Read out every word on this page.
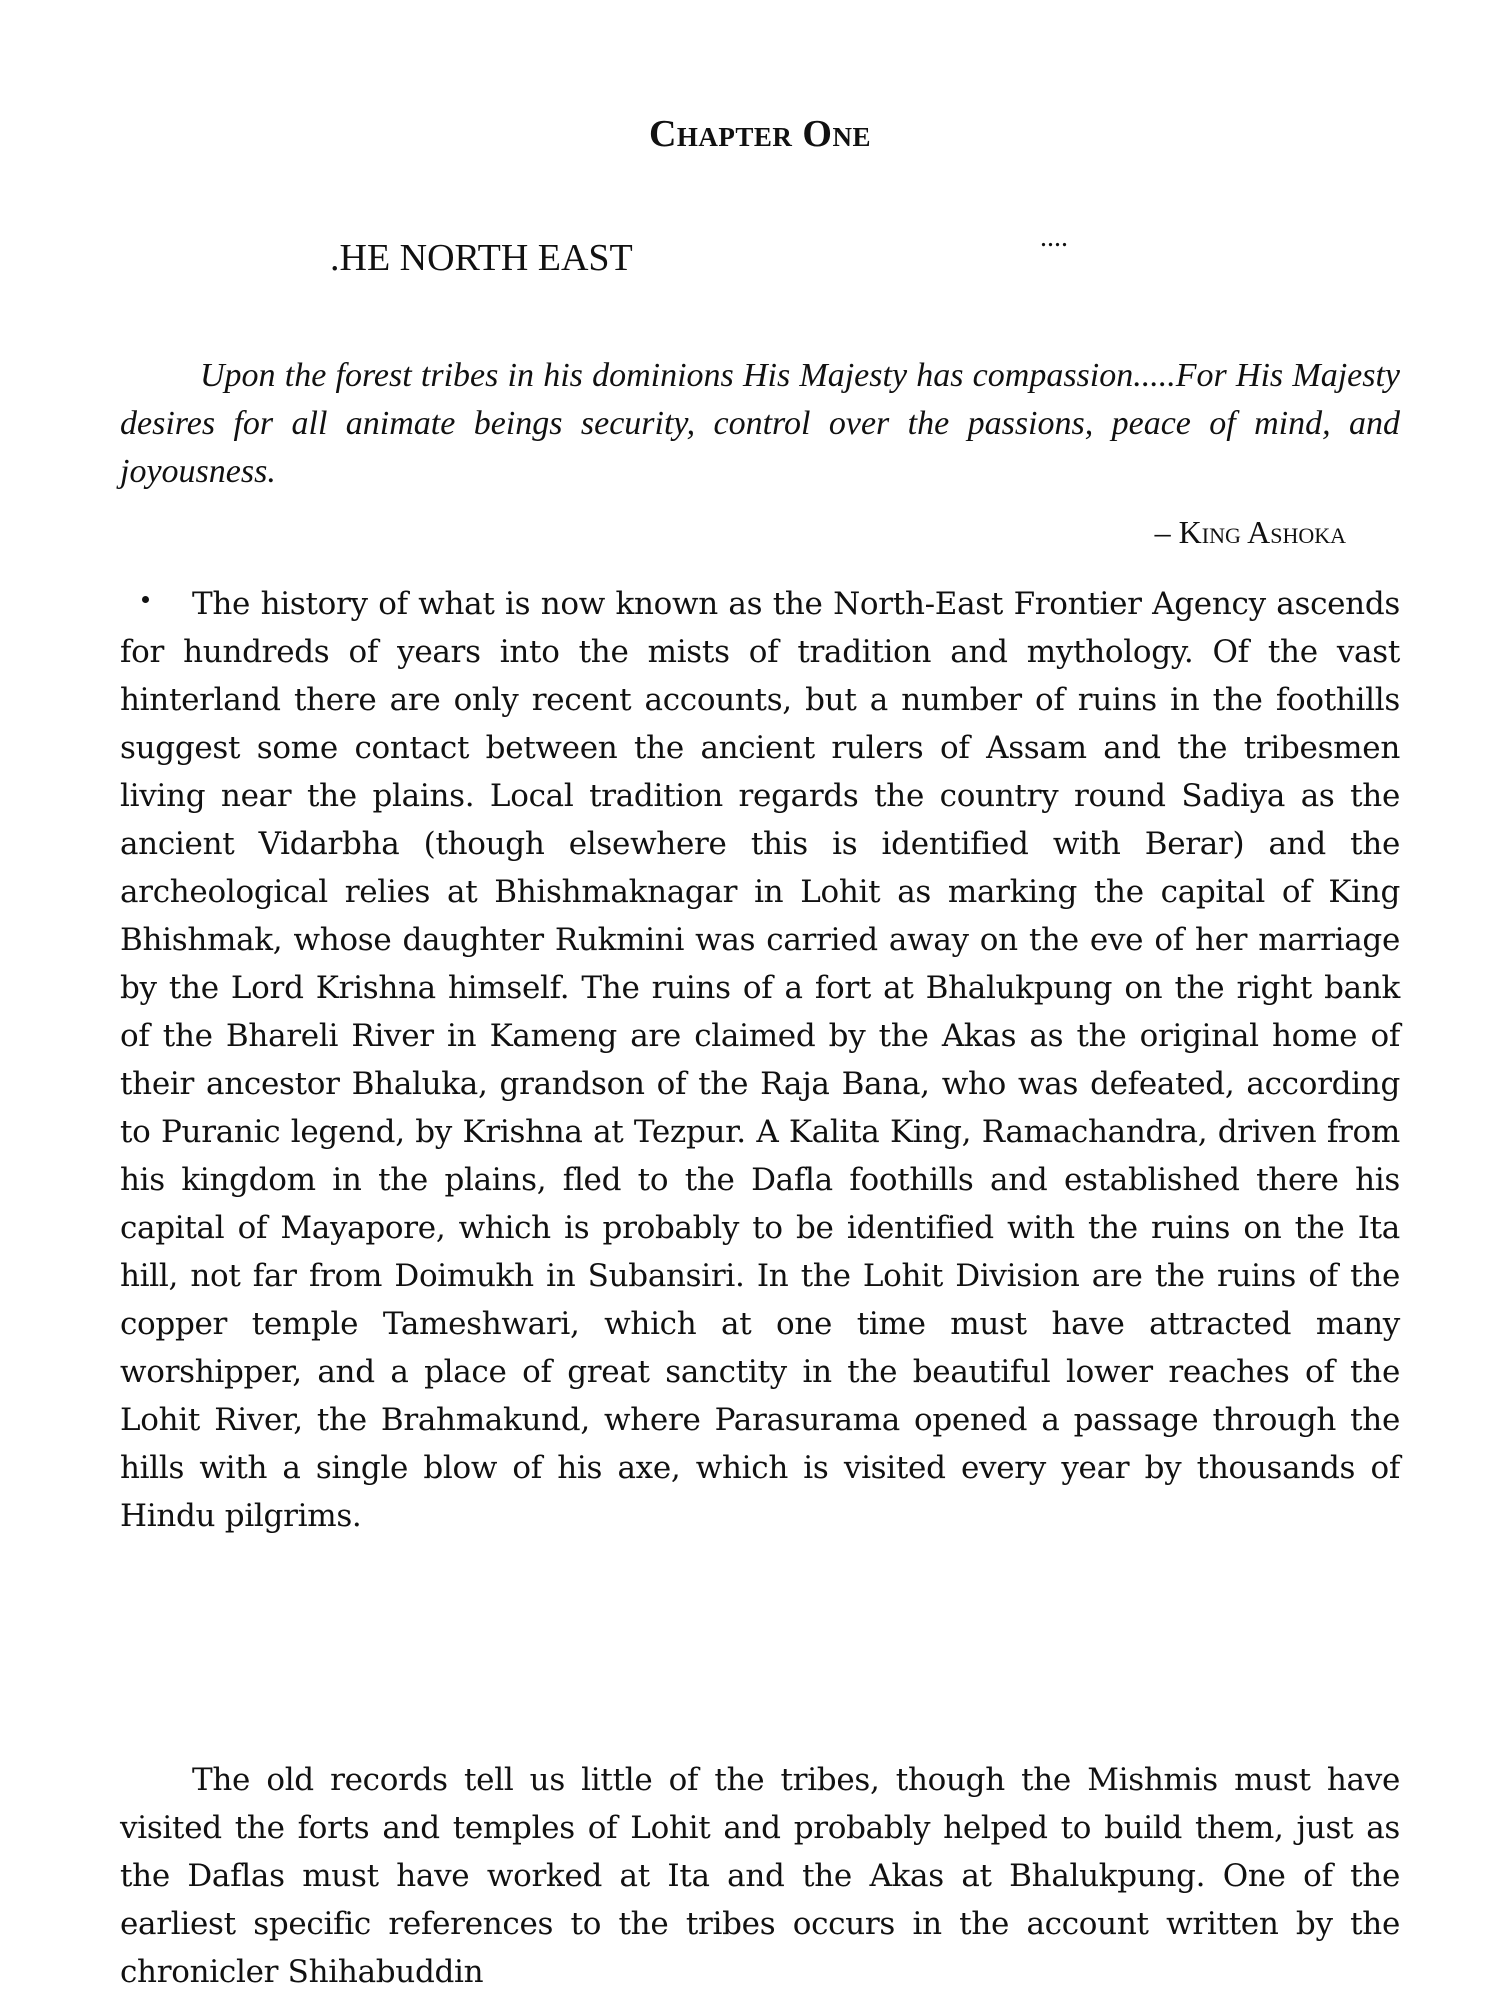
Chapter One
.HE NORTH EAST	....

Upon the forest tribes in his dominions His Majesty has compassion.....For His Majesty desires for all animate beings security, control over the passions, peace of mind, and joyousness.

– King Ashoka

The history of what is now known as the North-East Frontier Agency ascends for hundreds of years into the mists of tradition and mythology. Of the vast hinterland there are only recent accounts, but a number of ruins in the foothills suggest some contact between the ancient rulers of Assam and the tribesmen living near the plains. Local tradition regards the country round Sadiya as the ancient Vidarbha (though elsewhere this is identified with Berar) and the archeological relies at Bhishmaknagar in Lohit as marking the capital of King Bhishmak, whose daughter Rukmini was carried away on the eve of her marriage by the Lord Krishna himself. The ruins of a fort at Bhalukpung on the right bank of the Bhareli River in Kameng are claimed by the Akas as the original home of their ancestor Bhaluka, grandson of the Raja Bana, who was defeated, according to Puranic legend, by Krishna at Tezpur. A Kalita King, Ramachandra, driven from his kingdom in the plains, fled to the Dafla foothills and established there his capital of Mayapore, which is probably to be identified with the ruins on the Ita hill, not far from Doimukh in Subansiri. In the Lohit Division are the ruins of the copper temple Tameshwari, which at one time must have attracted many worshipper, and a place of great sanctity in the beautiful lower reaches of the Lohit River, the Brahmakund, where Parasurama opened a passage through the hills with a single blow of his axe, which is visited every year by thousands of Hindu pilgrims.

The old records tell us little of the tribes, though the Mishmis must have visited the forts and temples of Lohit and probably helped to build them, just as the Daflas must have worked at Ita and the Akas at Bhalukpung. One of the earliest specific references to the tribes occurs in the account written by the chronicler Shihabuddin
